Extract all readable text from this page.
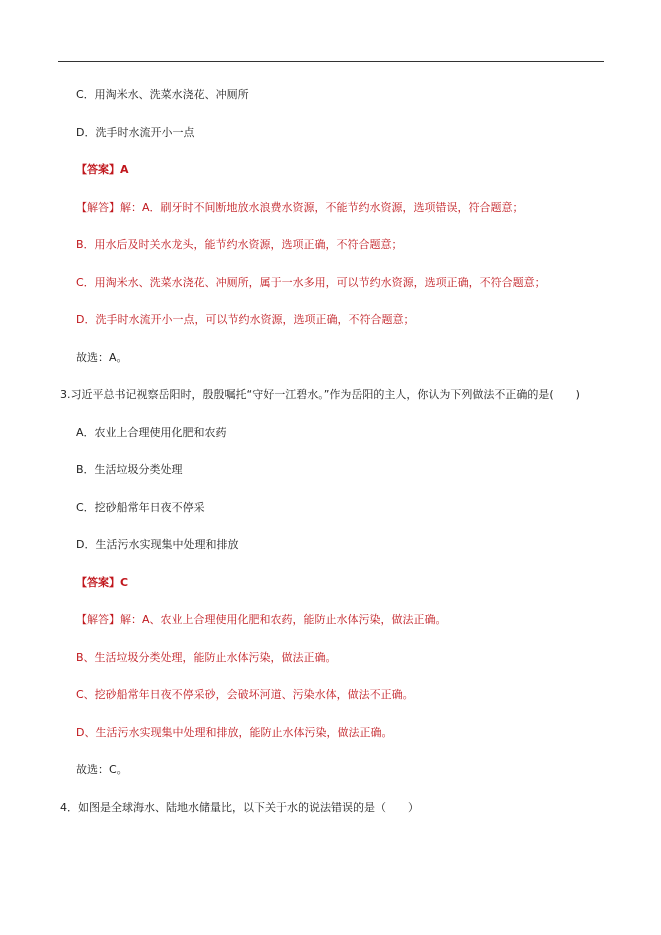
C．用淘米水、洗菜水浇花、冲厕所
D．洗手时水流开小一点
【答案】A
【解答】解：A．刷牙时不间断地放水浪费水资源，不能节约水资源，选项错误，符合题意；
B．用水后及时关水龙头，能节约水资源，选项正确，不符合题意；
C．用淘米水、洗菜水浇花、冲厕所，属于一水多用，可以节约水资源，选项正确，不符合题意；
D．洗手时水流开小一点，可以节约水资源，选项正确，不符合题意；
故选：A。
3.习近平总书记视察岳阳时，殷殷嘱托“守好一江碧水。”作为岳阳的主人，你认为下列做法不正确的是(　　)
A．农业上合理使用化肥和农药
B．生活垃圾分类处理
C．挖砂船常年日夜不停采
D．生活污水实现集中处理和排放
【答案】C
【解答】解：A、农业上合理使用化肥和农药，能防止水体污染，做法正确。
B、生活垃圾分类处理，能防止水体污染，做法正确。
C、挖砂船常年日夜不停采砂，会破坏河道、污染水体，做法不正确。
D、生活污水实现集中处理和排放，能防止水体污染，做法正确。
故选：C。
4．如图是全球海水、陆地水储量比，以下关于水的说法错误的是（　　）
